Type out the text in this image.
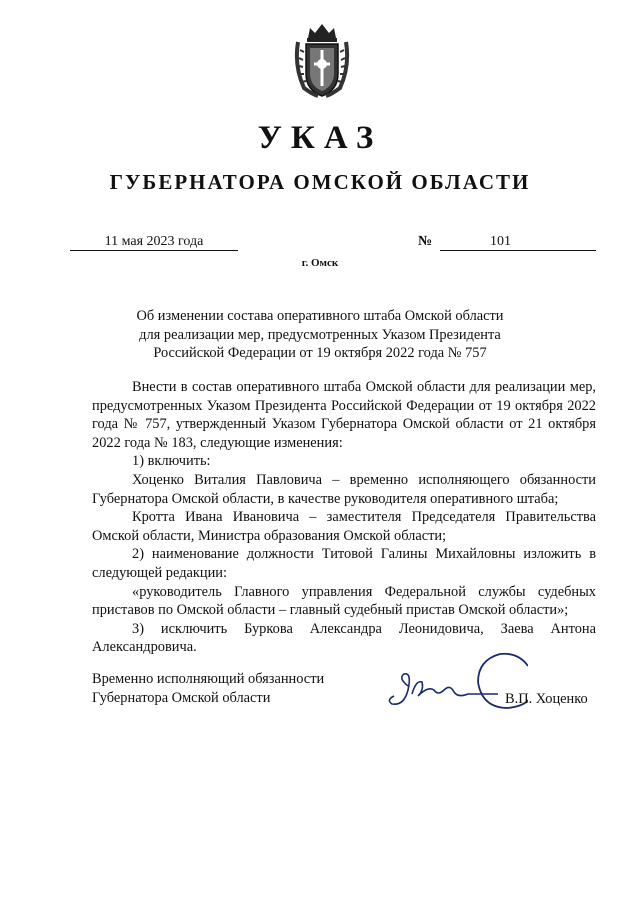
УКАЗ
ГУБЕРНАТОРА ОМСКОЙ ОБЛАСТИ
11 мая 2023 года	№	101
г. Омск
Об изменении состава оперативного штаба Омской области
для реализации мер, предусмотренных Указом Президента
Российской Федерации от 19 октября 2022 года № 757

Внести в состав оперативного штаба Омской области для реализации мер, предусмотренных Указом Президента Российской Федерации от 19 октября 2022 года № 757, утвержденный Указом Губернатора Омской области от 21 октября 2022 года № 183, следующие изменения:

1) включить:

Хоценко Виталия Павловича – временно исполняющего обязанности Губернатора Омской области, в качестве руководителя оперативного штаба;

Кротта Ивана Ивановича – заместителя Председателя Правительства Омской области, Министра образования Омской области;

2) наименование должности Титовой Галины Михайловны изложить в следующей редакции:

«руководитель Главного управления Федеральной службы судебных приставов по Омской области – главный судебный пристав Омской области»;

3) исключить Буркова Александра Леонидовича, Заева Антона Александровича.

Временно исполняющий обязанности
Губернатора Омской области	В.П. Хоценко
